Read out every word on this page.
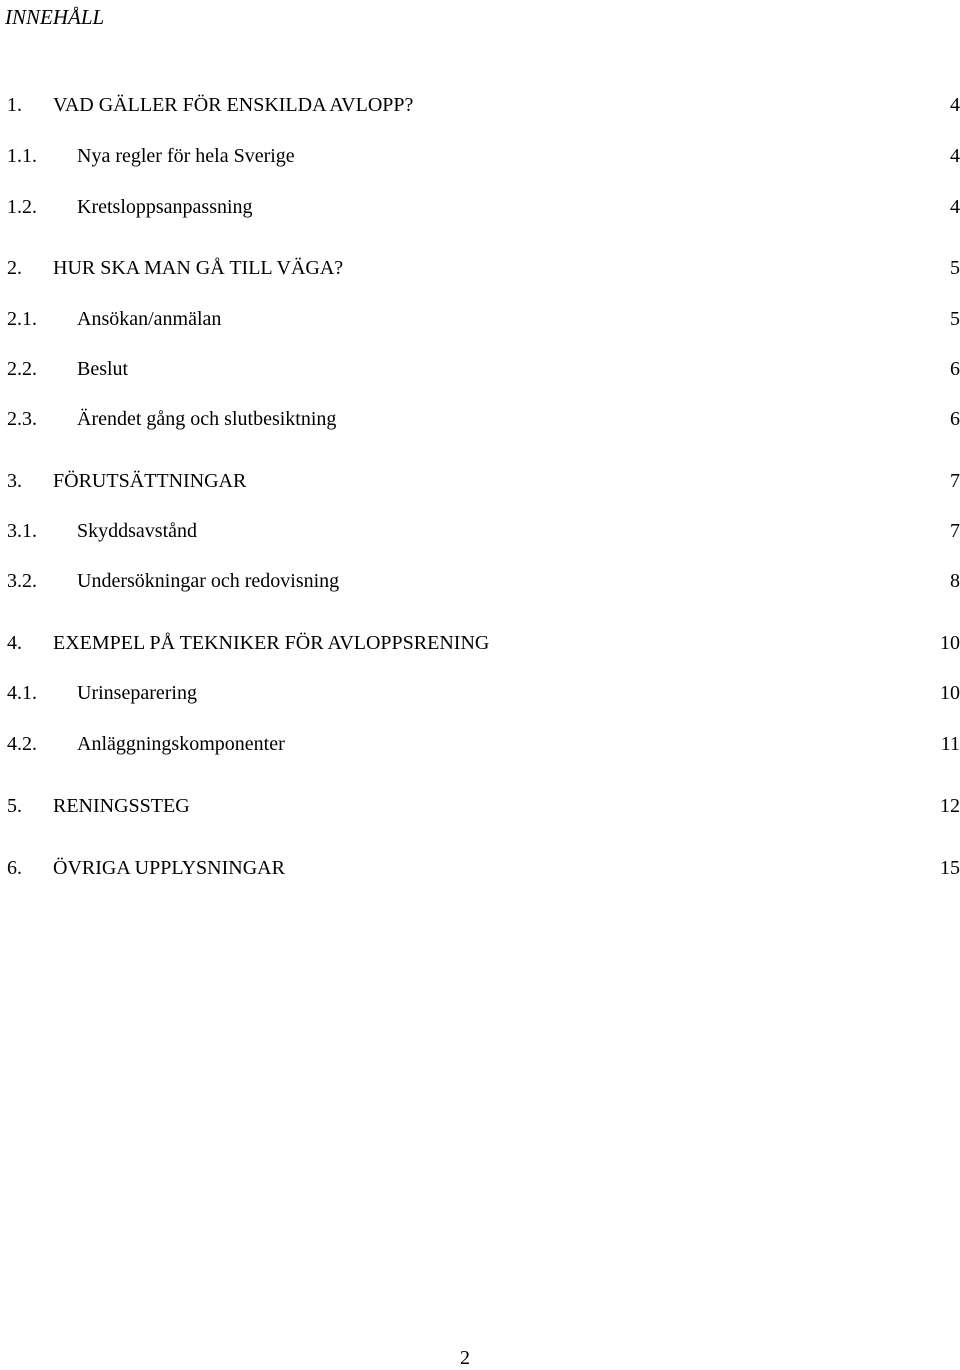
INNEHÅLL
1. VAD GÄLLER FÖR ENSKILDA AVLOPP?	4
1.1. Nya regler för hela Sverige	4
1.2. Kretsloppsanpassning	4
2. HUR SKA MAN GÅ TILL VÄGA?	5
2.1. Ansökan/anmälan	5
2.2. Beslut	6
2.3. Ärendet gång och slutbesiktning	6
3. FÖRUTSÄTTNINGAR	7
3.1. Skyddsavstånd	7
3.2. Undersökningar och redovisning	8
4. EXEMPEL PÅ TEKNIKER FÖR AVLOPPSRENING	10
4.1. Urinseparering	10
4.2. Anläggningskomponenter	11
5. RENINGSSTEG	12
6. ÖVRIGA UPPLYSNINGAR	15
2
